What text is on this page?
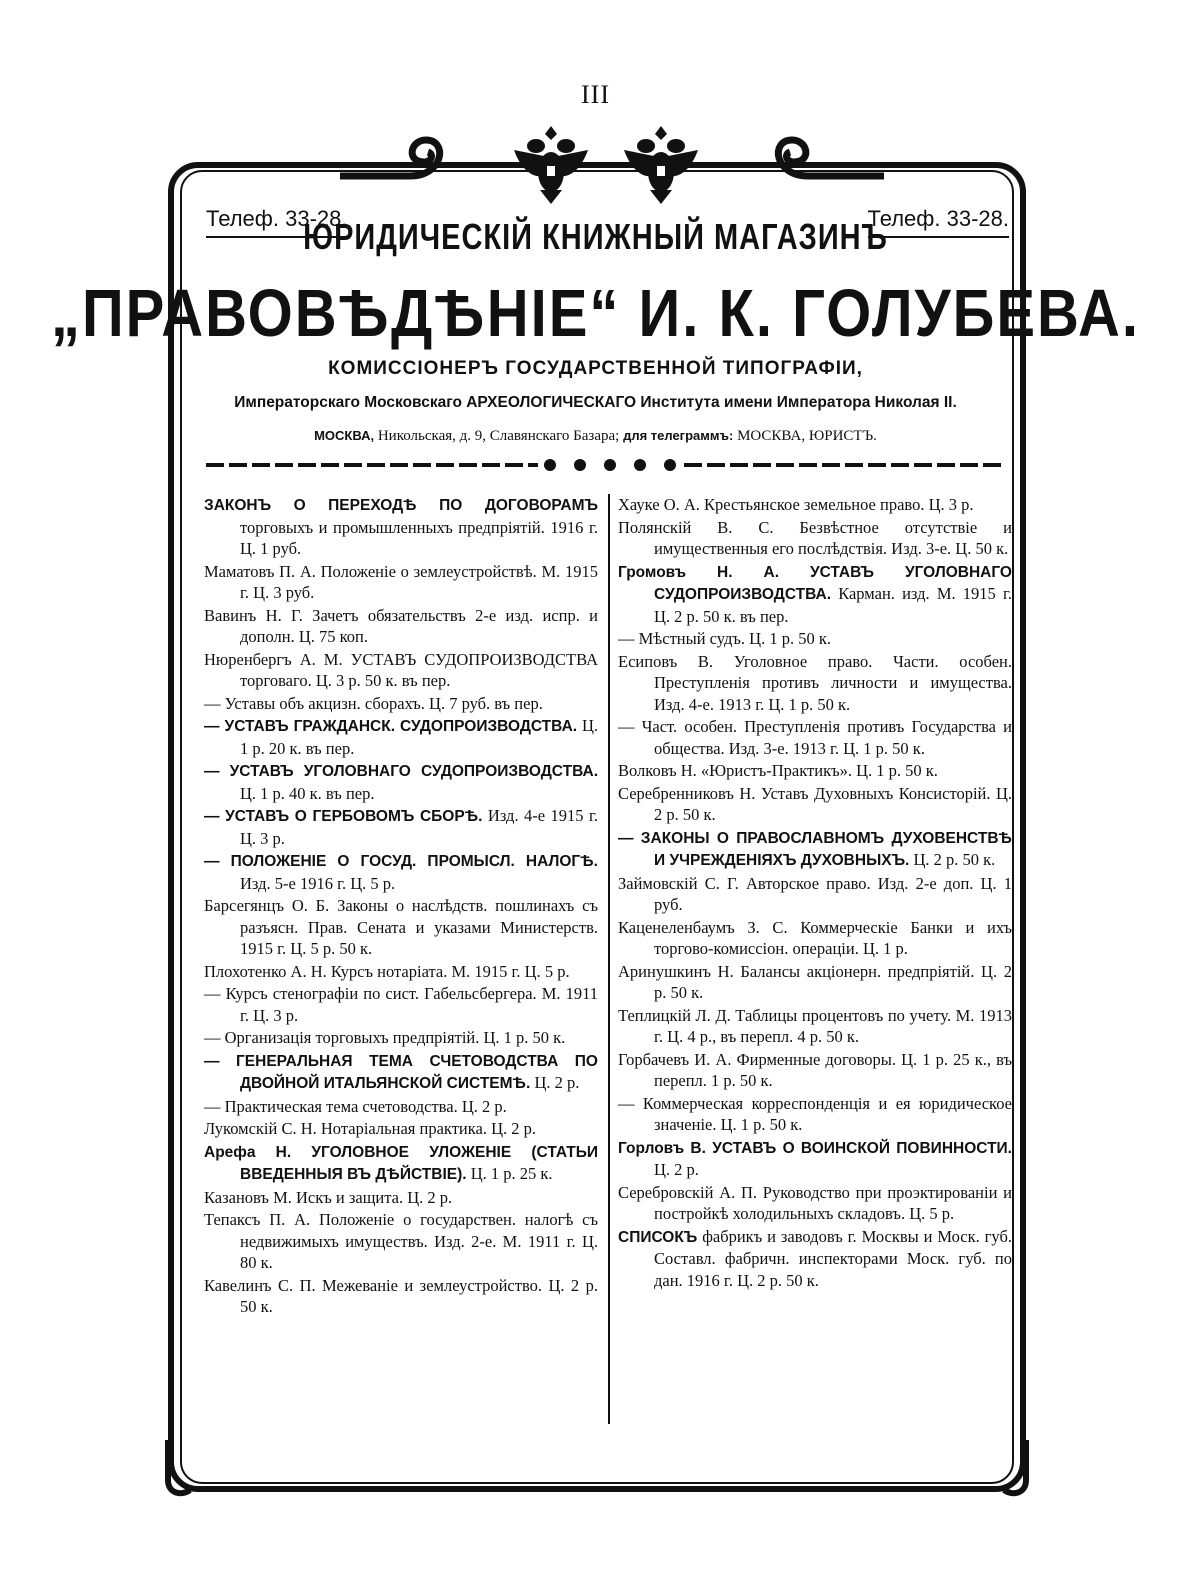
III
Телеф. 33-28.	Телеф. 33-28.
ЮРИДИЧЕСКІЙ КНИЖНЫЙ МАГАЗИНЪ
„ПРАВОВѢДѢНІЕ“ И. К. ГОЛУБЕВА.
КОМИССІОНЕРЪ ГОСУДАРСТВЕННОЙ ТИПОГРАФІИ,
Императорскаго Московскаго АРХЕОЛОГИЧЕСКАГО Института имени Императора Николая II.
МОСКВА, Никольская, д. 9, Славянскаго Базара; для телеграммъ: МОСКВА, ЮРИСТЪ.
ЗАКОНЪ О ПЕРЕХОДѢ ПО ДОГОВОРАМЪ торговыхъ и промышленныхъ предпріятій. 1916 г. Ц. 1 руб.
Маматовъ П. А. Положеніе о землеустройствѣ. М. 1915 г. Ц. 3 руб.
Вавинъ Н. Г. Зачетъ обязательствъ 2-е изд. испр. и дополн. Ц. 75 коп.
Нюренбергъ А. М. УСТАВЪ СУДОПРОИЗВОДСТВА торговаго. Ц. 3 р. 50 к. въ пер.
— Уставы объ акцизн. сборахъ. Ц. 7 руб. въ пер.
— УСТАВЪ ГРАЖДАНСК. СУДОПРОИЗВОДСТВА. Ц. 1 р. 20 к. въ пер.
— УСТАВЪ УГОЛОВНАГО СУДОПРОИЗВОДСТВА. Ц. 1 р. 40 к. въ пер.
— УСТАВЪ О ГЕРБОВОМЪ СБОРѢ. Изд. 4-е 1915 г. Ц. 3 р.
— ПОЛОЖЕНІЕ О ГОСУД. ПРОМЫСЛ. НАЛОГѢ. Изд. 5-е 1916 г. Ц. 5 р.
Барсегянцъ О. Б. Законы о наслѣдств. пошлинахъ съ разъясн. Прав. Сената и указами Министерств. 1915 г. Ц. 5 р. 50 к.
Плохотенко А. Н. Курсъ нотаріата. М. 1915 г. Ц. 5 р.
— Курсъ стенографіи по сист. Габельсбергера. М. 1911 г. Ц. 3 р.
— Организація торговыхъ предпріятій. Ц. 1 р. 50 к.
— ГЕНЕРАЛЬНАЯ ТЕМА СЧЕТОВОДСТВА ПО ДВОЙНОЙ ИТАЛЬЯНСКОЙ СИСТЕМѢ. Ц. 2 р.
— Практическая тема счетоводства. Ц. 2 р.
Лукомскій С. Н. Нотаріальная практика. Ц. 2 р.
Арефа Н. УГОЛОВНОЕ УЛОЖЕНІЕ (СТАТЬИ ВВЕДЕННЫЯ ВЪ ДѢЙСТВІЕ). Ц. 1 р. 25 к.
Казановъ М. Искъ и защита. Ц. 2 р.
Тепаксъ П. А. Положеніе о государствен. налогѣ съ недвижимыхъ имуществъ. Изд. 2-е. М. 1911 г. Ц. 80 к.
Кавелинъ С. П. Межеваніе и землеустройство. Ц. 2 р. 50 к.
Хауке О. А. Крестьянское земельное право. Ц. 3 р.
Полянскій В. С. Безвѣстное отсутствіе и имущественныя его послѣдствія. Изд. 3-е. Ц. 50 к.
Громовъ Н. А. УСТАВЪ УГОЛОВНАГО СУДОПРОИЗВОДСТВА. Карман. изд. М. 1915 г. Ц. 2 р. 50 к. въ пер.
— Мѣстный судъ. Ц. 1 р. 50 к.
Есиповъ В. Уголовное право. Части. особен. Преступленія противъ личности и имущества. Изд. 4-е. 1913 г. Ц. 1 р. 50 к.
— Част. особен. Преступленія противъ Государства и общества. Изд. 3-е. 1913 г. Ц. 1 р. 50 к.
Волковъ Н. «Юристъ-Практикъ». Ц. 1 р. 50 к.
Серебренниковъ Н. Уставъ Духовныхъ Консисторій. Ц. 2 р. 50 к.
— ЗАКОНЫ О ПРАВОСЛАВНОМЪ ДУХОВЕНСТВѢ И УЧРЕЖДЕНІЯХЪ ДУХОВНЫХЪ. Ц. 2 р. 50 к.
Займовскій С. Г. Авторское право. Изд. 2-е доп. Ц. 1 руб.
Каценеленбаумъ З. С. Коммерческіе Банки и ихъ торгово-комиссіон. операціи. Ц. 1 р.
Аринушкинъ Н. Балансы акціонерн. предпріятій. Ц. 2 р. 50 к.
Теплицкій Л. Д. Таблицы процентовъ по учету. М. 1913 г. Ц. 4 р., въ перепл. 4 р. 50 к.
Горбачевъ И. А. Фирменные договоры. Ц. 1 р. 25 к., въ перепл. 1 р. 50 к.
— Коммерческая корреспонденція и ея юридическое значеніе. Ц. 1 р. 50 к.
Горловъ В. УСТАВЪ О ВОИНСКОЙ ПОВИННОСТИ. Ц. 2 р.
Серебровскій А. П. Руководство при проэктированіи и постройкѣ холодильныхъ складовъ. Ц. 5 р.
СПИСОКЪ фабрикъ и заводовъ г. Москвы и Моск. губ. Составл. фабричн. инспекторами Моск. губ. по дан. 1916 г. Ц. 2 р. 50 к.
